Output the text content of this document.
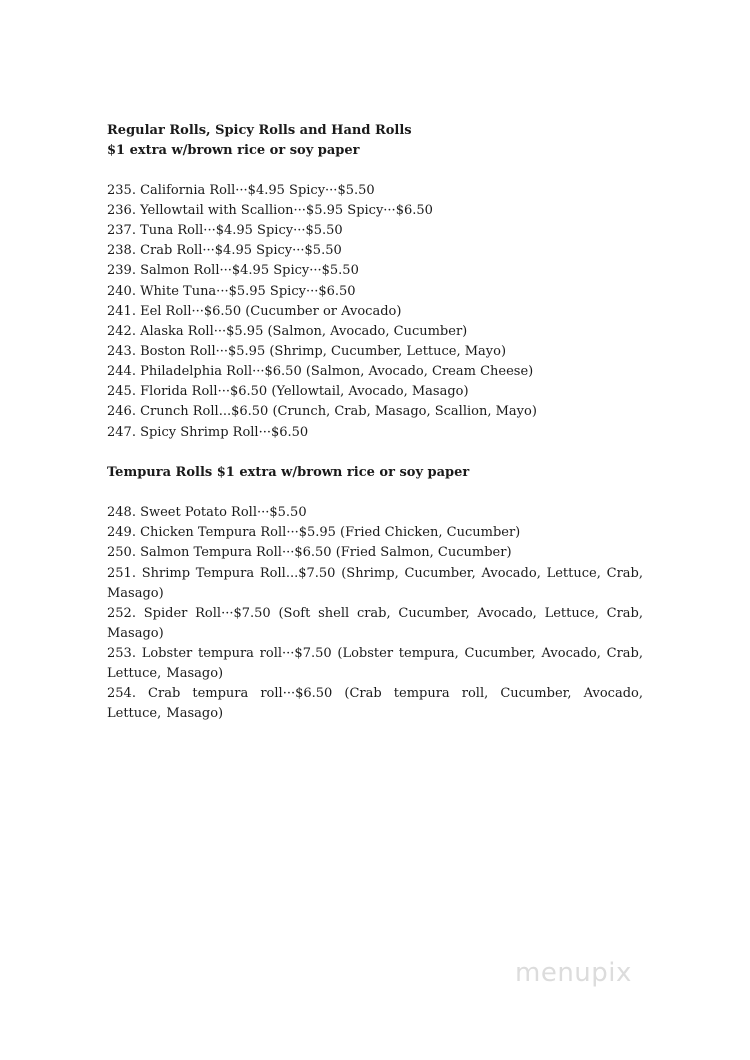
Regular Rolls, Spicy Rolls and Hand Rolls
$1 extra w/brown rice or soy paper
235. California Roll···$4.95 Spicy···$5.50
236. Yellowtail with Scallion···$5.95 Spicy···$6.50
237. Tuna Roll···$4.95 Spicy···$5.50
238. Crab Roll···$4.95 Spicy···$5.50
239. Salmon Roll···$4.95 Spicy···$5.50
240. White Tuna···$5.95 Spicy···$6.50
241. Eel Roll···$6.50 (Cucumber or Avocado)
242. Alaska Roll···$5.95 (Salmon, Avocado, Cucumber)
243. Boston Roll···$5.95 (Shrimp, Cucumber, Lettuce, Mayo)
244. Philadelphia Roll···$6.50 (Salmon, Avocado, Cream Cheese)
245. Florida Roll···$6.50 (Yellowtail, Avocado, Masago)
246. Crunch Roll...$6.50 (Crunch, Crab, Masago, Scallion, Mayo)
247. Spicy Shrimp Roll···$6.50
Tempura Rolls $1 extra w/brown rice or soy paper
248. Sweet Potato Roll···$5.50
249. Chicken Tempura Roll···$5.95 (Fried Chicken, Cucumber)
250. Salmon Tempura Roll···$6.50 (Fried Salmon, Cucumber)
251. Shrimp Tempura Roll...$7.50 (Shrimp, Cucumber, Avocado, Lettuce, Crab, Masago)
252. Spider Roll···$7.50 (Soft shell crab, Cucumber, Avocado, Lettuce, Crab, Masago)
253. Lobster tempura roll···$7.50 (Lobster tempura, Cucumber, Avocado, Crab, Lettuce, Masago)
254. Crab tempura roll···$6.50 (Crab tempura roll, Cucumber, Avocado, Lettuce, Masago)
menupix
